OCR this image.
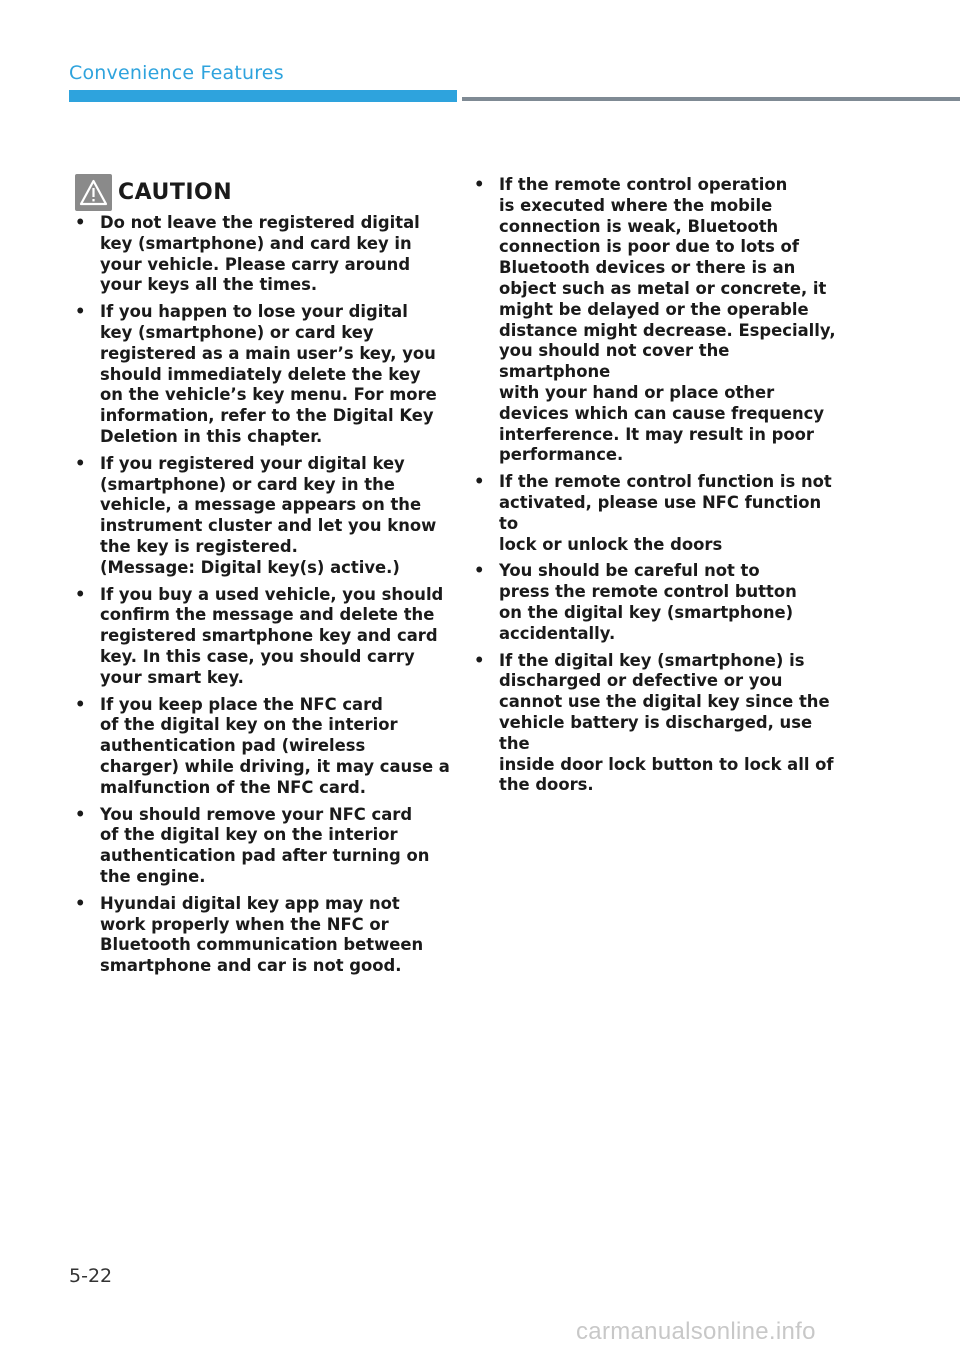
Convenience Features
CAUTION
• Do not leave the registered digital
key (smartphone) and card key in
your vehicle. Please carry around
your keys all the times.
• If you happen to lose your digital
key (smartphone) or card key
registered as a main user’s key, you
should immediately delete the key
on the vehicle’s key menu. For more
information, refer to the Digital Key
Deletion in this chapter.
• If you registered your digital key
(smartphone) or card key in the
vehicle, a message appears on the
instrument cluster and let you know
the key is registered.
(Message: Digital key(s) active.)
• If you buy a used vehicle, you should
confirm the message and delete the
registered smartphone key and card
key. In this case, you should carry
your smart key.
• If you keep place the NFC card
of the digital key on the interior
authentication pad (wireless
charger) while driving, it may cause a
malfunction of the NFC card.
• You should remove your NFC card
of the digital key on the interior
authentication pad after turning on
the engine.
• Hyundai digital key app may not
work properly when the NFC or
Bluetooth communication between
smartphone and car is not good.
• If the remote control operation
is executed where the mobile
connection is weak, Bluetooth
connection is poor due to lots of
Bluetooth devices or there is an
object such as metal or concrete, it
might be delayed or the operable
distance might decrease. Especially,
you should not cover the smartphone
with your hand or place other
devices which can cause frequency
interference. It may result in poor
performance.
• If the remote control function is not
activated, please use NFC function to
lock or unlock the doors
• You should be careful not to
press the remote control button
on the digital key (smartphone)
accidentally.
• If the digital key (smartphone) is
discharged or defective or you
cannot use the digital key since the
vehicle battery is discharged, use the
inside door lock button to lock all of
the doors.
5-22
carmanualsonline.info
